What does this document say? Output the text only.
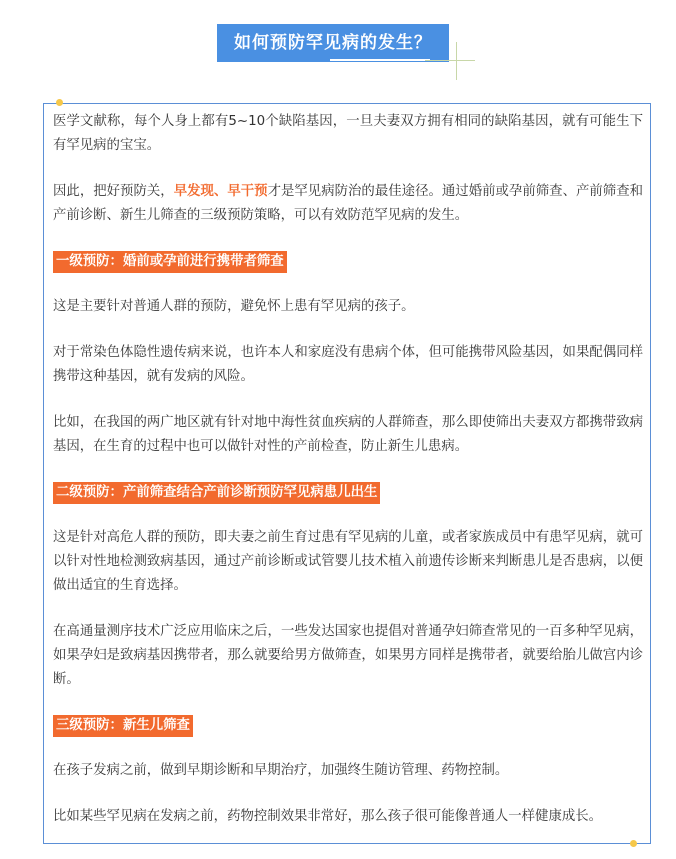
如何预防罕见病的发生？

医学文献称，每个人身上都有5~10个缺陷基因，一旦夫妻双方拥有相同的缺陷基因，就有可能生下有罕见病的宝宝。

因此，把好预防关，早发现、早干预才是罕见病防治的最佳途径。通过婚前或孕前筛查、产前筛查和产前诊断、新生儿筛查的三级预防策略，可以有效防范罕见病的发生。

一级预防：婚前或孕前进行携带者筛查

这是主要针对普通人群的预防，避免怀上患有罕见病的孩子。

对于常染色体隐性遗传病来说，也许本人和家庭没有患病个体，但可能携带风险基因，如果配偶同样携带这种基因，就有发病的风险。

比如，在我国的两广地区就有针对地中海性贫血疾病的人群筛查，那么即使筛出夫妻双方都携带致病基因，在生育的过程中也可以做针对性的产前检查，防止新生儿患病。

二级预防：产前筛查结合产前诊断预防罕见病患儿出生

这是针对高危人群的预防，即夫妻之前生育过患有罕见病的儿童，或者家族成员中有患罕见病，就可以针对性地检测致病基因，通过产前诊断或试管婴儿技术植入前遗传诊断来判断患儿是否患病，以便做出适宜的生育选择。

在高通量测序技术广泛应用临床之后，一些发达国家也提倡对普通孕妇筛查常见的一百多种罕见病，如果孕妇是致病基因携带者，那么就要给男方做筛查，如果男方同样是携带者，就要给胎儿做宫内诊断。

三级预防：新生儿筛查

在孩子发病之前，做到早期诊断和早期治疗，加强终生随访管理、药物控制。

比如某些罕见病在发病之前，药物控制效果非常好，那么孩子很可能像普通人一样健康成长。
